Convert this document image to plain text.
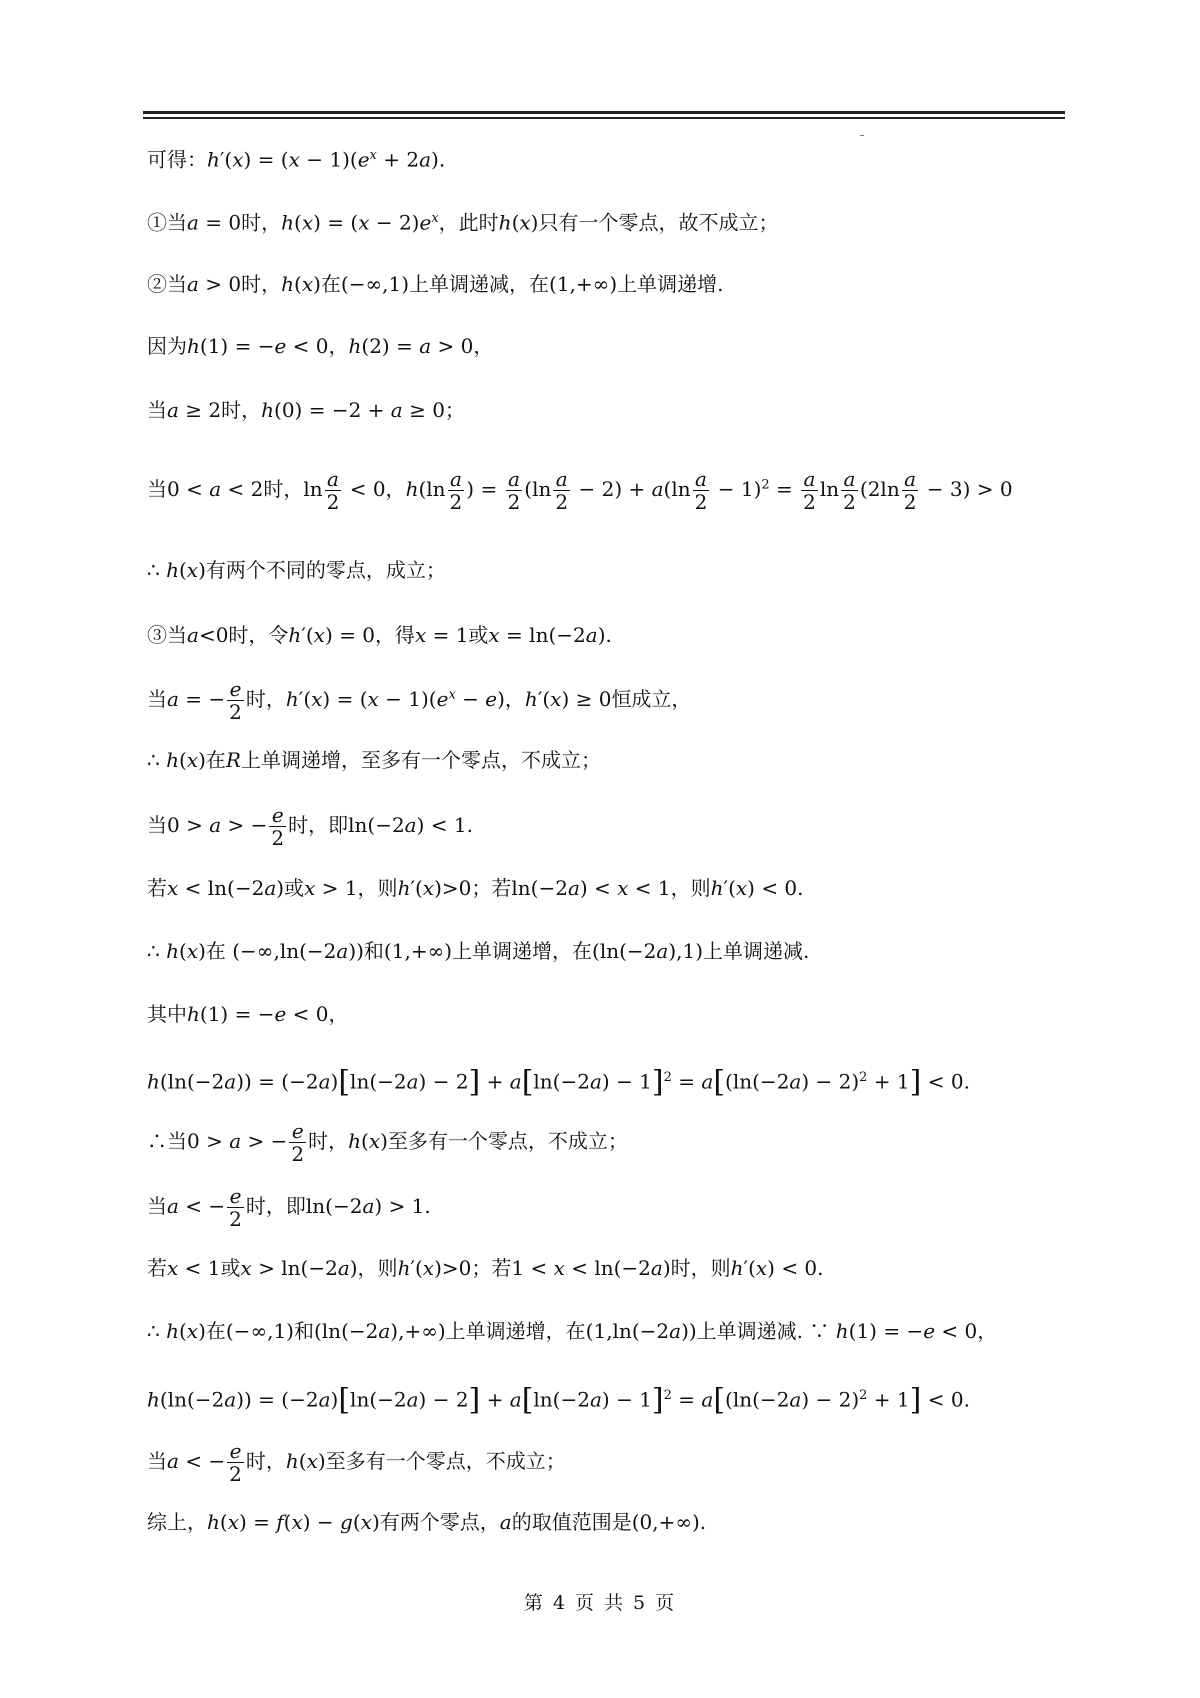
可得：$h'(x) = (x - 1)(e^x + 2a)$.
①当a = 0时，$h(x) = (x - 2)e^x$，此时h(x)只有一个零点，故不成立；
②当a > 0时，h(x)在(−∞,1)上单调递减，在(1,+∞)上单调递增.
因为h(1) = −e < 0，h(2) = a > 0，
当a ≥ 2时，h(0) = −2 + a ≥ 0；
当0 < a < 2时，$\ln \frac{a}{2} < 0$，$h(\ln \frac{a}{2}$ ) = $\frac{a}{2} (\ln \frac{a}{2} - 2) + a(\ln \frac{a}{2} - 1)^2 = \frac{a}{2}$ $\ln \frac{a}{2} (2\ln \frac{a}{2} - 3) > 0$
∴ h(x)有两个不同的零点，成立；
③当a<0时，令h′(x) = 0，得x = 1或x = ln(−2a).
当a = − $\frac{e}{2}$ 时，$h'(x) = (x - 1)(e^x - e)$，h′(x) ≥ 0恒成立，
∴ h(x)在R上单调递增，至多有一个零点，不成立；
当0 > a > − $\frac{e}{2}$ 时，即ln(−2a) < 1.
若x < ln(−2a)或x > 1，则h′(x)>0；若ln(−2a) < x < 1，则h′(x) < 0.
∴ h(x)在 (−∞,ln(−2a))和(1,+∞)上单调递增，在(ln(−2a),1)上单调递减.
其中h(1) = −e < 0，
$h(\ln(-2a)) = (-2a)[\ln(-2a) - 2] + a[\ln(-2a) - 1]^2 = a[(\ln(-2a) - 2)^2 + 1] < 0$.
∴当0 > a > − $\frac{e}{2}$ 时，h(x)至多有一个零点，不成立；
当a < − $\frac{e}{2}$ 时，即ln(−2a) > 1.
若x < 1或x > ln(−2a)，则h′(x)>0；若1 < x < ln(−2a)时，则h′(x) < 0.
∴ h(x)在(−∞,1)和(ln(−2a),+∞)上单调递增，在(1,ln(−2a))上单调递减. ∵ h(1) = −e < 0，
$h(\ln(-2a)) = (-2a)[\ln(-2a) - 2] + a[\ln(-2a) - 1]^2 = a[(\ln(-2a) - 2)^2 + 1] < 0$.
当a < − $\frac{e}{2}$ 时，h(x)至多有一个零点，不成立；
综上，h(x) = f(x) − g(x)有两个零点，a的取值范围是(0,+∞).
第 4 页 共 5 页
